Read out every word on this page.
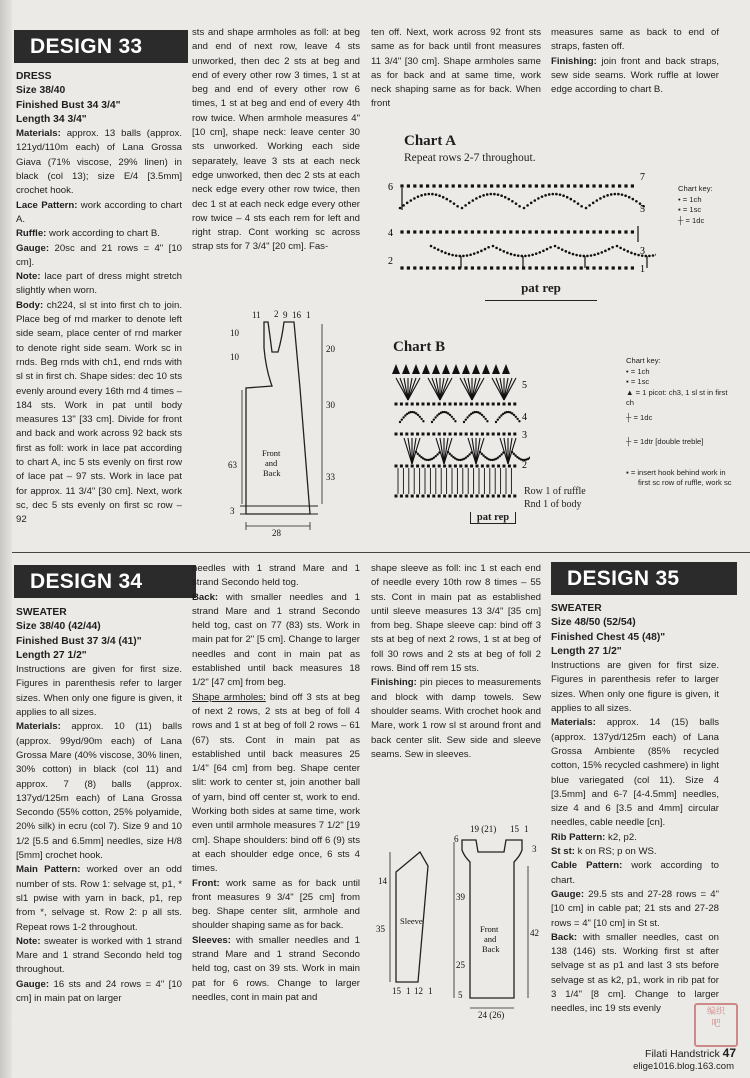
DESIGN 33

DRESS

Size 38/40

Finished Bust 34 3/4"

Length 34 3/4"

Materials: approx. 13 balls (approx. 121yd/110m each) of Lana Grossa Giava (71% viscose, 29% linen) in black (col 13); size E/4 [3.5mm] crochet hook.

Lace Pattern: work according to chart A.

Ruffle: work according to chart B.

Gauge: 20sc and 21 rows = 4" [10 cm].

Note: lace part of dress might stretch slightly when worn.

Body: ch224, sl st into first ch to join. Place beg of rnd marker to denote left side seam, place center of rnd marker to denote right side seam. Work sc in rnds. Beg rnds with ch1, end rnds with sl st in first ch. Shape sides: dec 10 sts evenly around every 16th rnd 4 times – 184 sts. Work in pat until body measures 13" [33 cm]. Divide for front and back and work across 92 back sts first as foll: work in lace pat according to chart A, inc 5 sts evenly on first row of lace pat – 97 sts. Work in lace pat for approx. 11 3/4" [30 cm]. Next, work sc, dec 5 sts evenly on first sc row – 92

sts and shape armholes as foll: at beg and end of next row, leave 4 sts unworked, then dec 2 sts at beg and end of every other row 3 times, 1 st at beg and end of every other row 6 times, 1 st at beg and end of every 4th row twice. When armhole measures 4" [10 cm], shape neck: leave center 30 sts unworked. Working each side separately, leave 3 sts at each neck edge unworked, then dec 2 sts at each neck edge every other row twice, then dec 1 st at each neck edge every other row twice – 4 sts each rem for left and right strap. Cont working sc across strap sts for 7 3/4" [20 cm]. Fas-

ten off. Next, work across 92 front sts same as for back until front measures 11 3/4" [30 cm]. Shape armholes same as for back and at same time, work neck shaping same as for back. When front

measures same as back to end of straps, fasten off.

Finishing: join front and back straps, sew side seams. Work ruffle at lower edge according to chart B.

11 2 9 16 1
10
10
20
30
63
33
Front
and
Back
3
28
Chart A
Repeat rows 2-7 throughout.
6
4
2
7
5
3
1
pat rep
Chart key:
• = 1ch
▪ = 1sc
┼ = 1dc
Chart B
5
4
3
2
Row 1 of ruffle
Rnd 1 of body
pat rep
Chart key:
• = 1ch
▪ = 1sc
▲ = 1 picot: ch3, 1 sl st in first ch
┼ = 1dc
┼ = 1dtr [double treble]
▪ = insert hook behind work in first sc row of ruffle, work sc
DESIGN 34

SWEATER

Size 38/40 (42/44)

Finished Bust 37 3/4 (41)"

Length 27 1/2"

Instructions are given for first size. Figures in parenthesis refer to larger sizes. When only one figure is given, it applies to all sizes.

Materials: approx. 10 (11) balls (approx. 99yd/90m each) of Lana Grossa Mare (40% viscose, 30% linen, 30% cotton) in black (col 11) and approx. 7 (8) balls (approx. 137yd/125m each) of Lana Grossa Secondo (55% cotton, 25% polyamide, 20% silk) in ecru (col 7). Size 9 and 10 1/2 [5.5 and 6.5mm] needles, size H/8 [5mm] crochet hook.

Main Pattern: worked over an odd number of sts. Row 1: selvage st, p1, * sl1 pwise with yarn in back, p1, rep from *, selvage st. Row 2: p all sts. Repeat rows 1-2 throughout.

Note: sweater is worked with 1 strand Mare and 1 strand Secondo held tog throughout.

Gauge: 16 sts and 24 rows = 4" [10 cm] in main pat on larger

needles with 1 strand Mare and 1 strand Secondo held tog.

Back: with smaller needles and 1 strand Mare and 1 strand Secondo held tog, cast on 77 (83) sts. Work in main pat for 2" [5 cm]. Change to larger needles and cont in main pat as established until back measures 18 1/2" [47 cm] from beg.

Shape armholes: bind off 3 sts at beg of next 2 rows, 2 sts at beg of foll 4 rows and 1 st at beg of foll 2 rows – 61 (67) sts. Cont in main pat as established until back measures 25 1/4" [64 cm] from beg. Shape center slit: work to center st, join another ball of yarn, bind off center st, work to end. Working both sides at same time, work even until armhole measures 7 1/2" [19 cm]. Shape shoulders: bind off 6 (9) sts at each shoulder edge once, 6 sts 4 times.

Front: work same as for back until front measures 9 3/4" [25 cm] from beg. Shape center slit, armhole and shoulder shaping same as for back.

Sleeves: with smaller needles and 1 strand Mare and 1 strand Secondo held tog, cast on 39 sts. Work in main pat for 6 rows. Change to larger needles, cont in main pat and

shape sleeve as foll: inc 1 st each end of needle every 10th row 8 times – 55 sts. Cont in main pat as established until sleeve measures 13 3/4" [35 cm] from beg. Shape sleeve cap: bind off 3 sts at beg of next 2 rows, 1 st at beg of foll 30 rows and 2 sts at beg of foll 2 rows. Bind off rem 15 sts.

Finishing: pin pieces to measurements and block with damp towels. Sew shoulder seams. With crochet hook and Mare, work 1 row sl st around front and back center slit. Sew side and sleeve seams. Sew in sleeves.

14
35
Sleeve
15 1 12 1
6
19 (21) 15 1
3
39
42
25
5
Front
and
Back
24 (26)
DESIGN 35

SWEATER

Size 48/50 (52/54)

Finished Chest 45 (48)"

Length 27 1/2"

Instructions are given for first size. Figures in parenthesis refer to larger sizes. When only one figure is given, it applies to all sizes.

Materials: approx. 14 (15) balls (approx. 137yd/125m each) of Lana Grossa Ambiente (85% recycled cotton, 15% recycled cashmere) in light blue variegated (col 11). Size 4 [3.5mm] and 6-7 [4-4.5mm] needles, size 4 and 6 [3.5 and 4mm] circular needles, cable needle [cn].

Rib Pattern: k2, p2.

St st: k on RS; p on WS.

Cable Pattern: work according to chart.

Gauge: 29.5 sts and 27-28 rows = 4" [10 cm] in cable pat; 21 sts and 27-28 rows = 4" [10 cm] in St st.

Back: with smaller needles, cast on 138 (146) sts. Working first st after selvage st as p1 and last 3 sts before selvage st as k2, p1, work in rib pat for 3 1/4" [8 cm]. Change to larger needles, inc 19 sts evenly	编织
吧
Filati Handstrick 47
elige1016.blog.163.com
